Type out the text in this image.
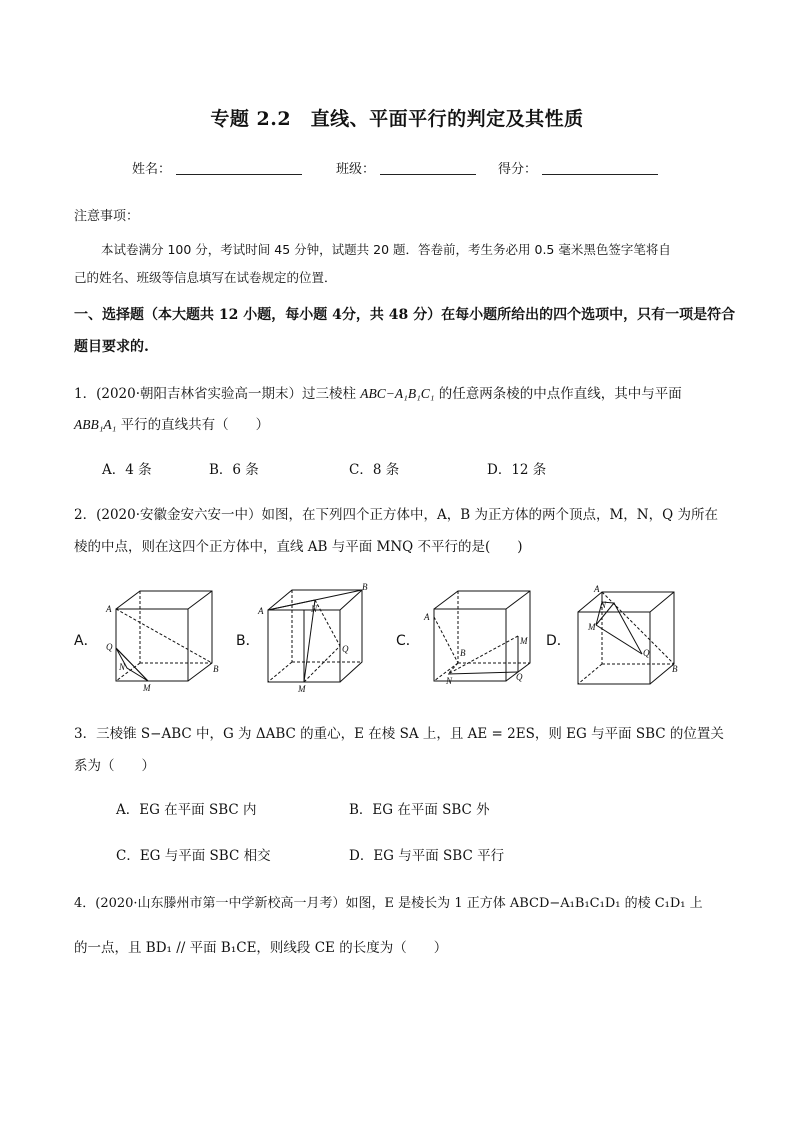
专题 2.2　直线、平面平行的判定及其性质
姓名：	班级：	得分：
注意事项：
本试卷满分 100 分，考试时间 45 分钟，试题共 20 题．答卷前，考生务必用 0.5 毫米黑色签字笔将自
己的姓名、班级等信息填写在试卷规定的位置．
一、选择题（本大题共 12 小题，每小题 4分，共 48 分）在每小题所给出的四个选项中，只有一项是符合
题目要求的.
1．(2020·朝阳吉林省实验高一期末）过三棱柱 ABC−A₁B₁C₁ 的任意两条棱的中点作直线，其中与平面
ABB₁A₁ 平行的直线共有（　　）
A．4 条	B．6 条	C．8 条	D．12 条
2．(2020·安徽金安六安一中）如图，在下列四个正方体中，A，B 为正方体的两个顶点，M，N，Q 为所在
棱的中点，则在这四个正方体中，直线 AB 与平面 MNQ 不平行的是(　　)
A．	B．	C．	D．
A
B
Q
N
M
A
B
N
Q
M
A
B
M
N	Q
A
N
M
Q
B
3．三棱锥 S−ABC 中，G 为 ΔABC 的重心，E 在棱 SA 上，且 AE = 2ES，则 EG 与平面 SBC 的位置关
系为（　　）
A．EG 在平面 SBC 内	B．EG 在平面 SBC 外
C．EG 与平面 SBC 相交	D．EG 与平面 SBC 平行
4．(2020·山东滕州市第一中学新校高一月考）如图，E 是棱长为 1 正方体 ABCD−A₁B₁C₁D₁ 的棱 C₁D₁ 上
的一点，且 BD₁ // 平面 B₁CE，则线段 CE 的长度为（　　）
